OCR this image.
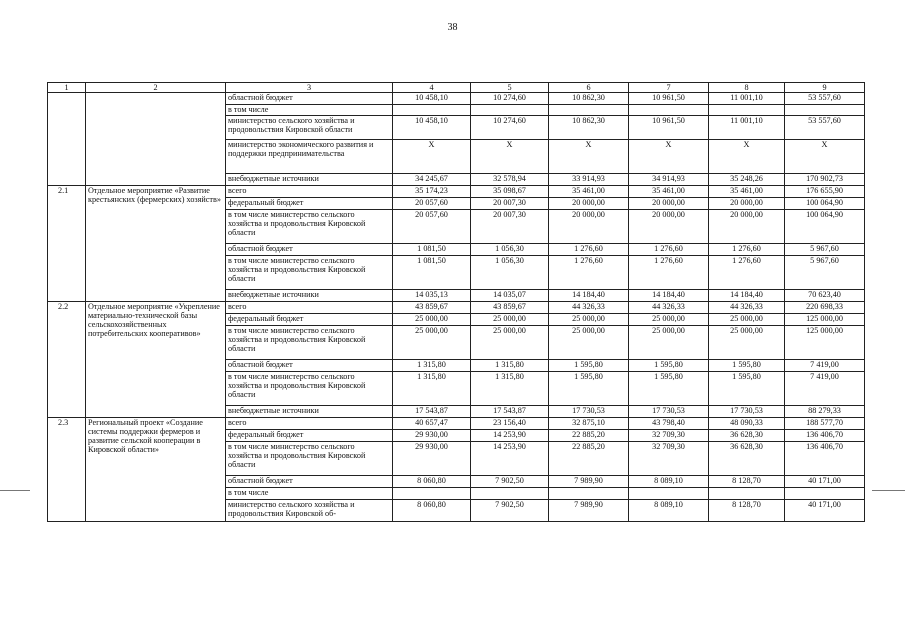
38
1	2	3	4	5	6	7	8	9
		областной бюджет	10 458,10	10 274,60	10 862,30	10 961,50	11 001,10	53 557,60
		в том числе						
		министерство сельского хозяйства и продовольствия Кировской области	10 458,10	10 274,60	10 862,30	10 961,50	11 001,10	53 557,60
		министерство экономического развития и поддержки предпринимательства	X	X	X	X	X	X
		внебюджетные источники	34 245,67	32 578,94	33 914,93	34 914,93	35 248,26	170 902,73
2.1	Отдельное мероприятие «Развитие крестьянских (фермерских) хозяйств»	всего	35 174,23	35 098,67	35 461,00	35 461,00	35 461,00	176 655,90
		федеральный бюджет	20 057,60	20 007,30	20 000,00	20 000,00	20 000,00	100 064,90
		в том числе министерство сельского хозяйства и продовольствия Кировской области	20 057,60	20 007,30	20 000,00	20 000,00	20 000,00	100 064,90
		областной бюджет	1 081,50	1 056,30	1 276,60	1 276,60	1 276,60	5 967,60
		в том числе министерство сельского хозяйства и продовольствия Кировской области	1 081,50	1 056,30	1 276,60	1 276,60	1 276,60	5 967,60
		внебюджетные источники	14 035,13	14 035,07	14 184,40	14 184,40	14 184,40	70 623,40
2.2	Отдельное мероприятие «Укрепление материально-технической базы сельскохозяйственных потребительских кооперативов»	всего	43 859,67	43 859,67	44 326,33	44 326,33	44 326,33	220 698,33
		федеральный бюджет	25 000,00	25 000,00	25 000,00	25 000,00	25 000,00	125 000,00
		в том числе министерство сельского хозяйства и продовольствия Кировской области	25 000,00	25 000,00	25 000,00	25 000,00	25 000,00	125 000,00
		областной бюджет	1 315,80	1 315,80	1 595,80	1 595,80	1 595,80	7 419,00
		в том числе министерство сельского хозяйства и продовольствия Кировской области	1 315,80	1 315,80	1 595,80	1 595,80	1 595,80	7 419,00
		внебюджетные источники	17 543,87	17 543,87	17 730,53	17 730,53	17 730,53	88 279,33
2.3	Региональный проект «Создание системы поддержки фермеров и развитие сельской кооперации в Кировской области»	всего	40 657,47	23 156,40	32 875,10	43 798,40	48 090,33	188 577,70
		федеральный бюджет	29 930,00	14 253,90	22 885,20	32 709,30	36 628,30	136 406,70
		в том числе министерство сельского хозяйства и продовольствия Кировской области	29 930,00	14 253,90	22 885,20	32 709,30	36 628,30	136 406,70
		областной бюджет	8 060,80	7 902,50	7 989,90	8 089,10	8 128,70	40 171,00
		в том числе						
		министерство сельского хозяйства и продовольствия Кировской об-	8 060,80	7 902,50	7 989,90	8 089,10	8 128,70	40 171,00
